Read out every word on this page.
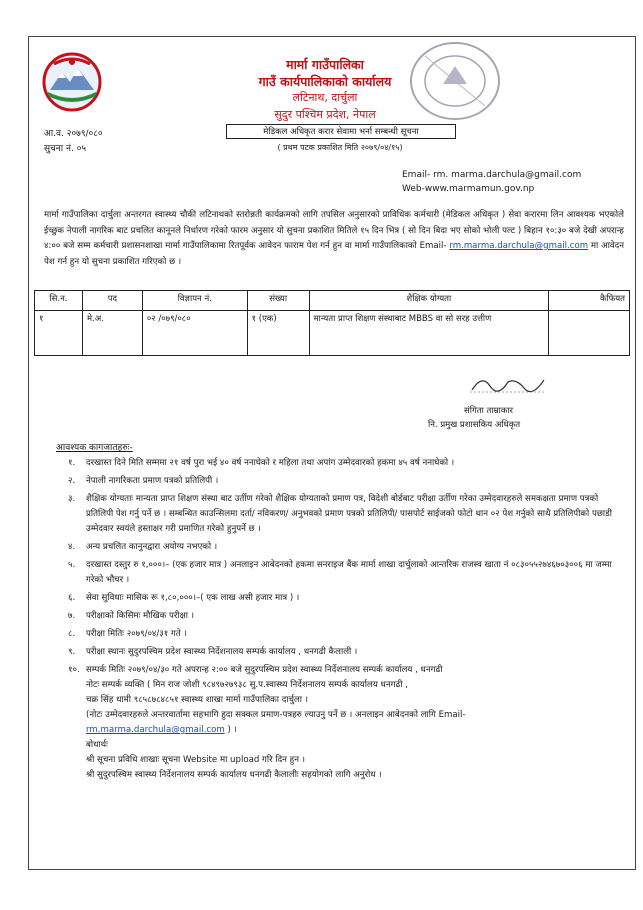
मार्मा गाउँपालिका
गाउँ कार्यपालिकाको कार्यालय
लटिनाथ, दार्चुला
सुदुर पश्चिम प्रदेश, नेपाल
आ.व. २०७९/०८०
सुचना नं. ०५
मेडिकल अधिकृत करार सेवामा भर्ना सम्बन्धी सूचना
( प्रथम पटक प्रकाशित मिति २०७९/०४/१५)
Email- rm. marma.darchula@gmail.com
Web-www.marmamun.gov.np
मार्मा गाउँपालिका दार्चुला अन्तरगत स्वास्थ्य चौकी लटिनाथको स्तरोन्नती कार्यक्रमको लागि तपसिल अनुसारको प्राविधिक कर्मचारी (मेडिकल अधिकृत ) सेवा करारमा लिन आवश्यक भएकोले ईच्छुक नेपाली नागरिक बाट प्रचलित कानूनले निर्धारण गरेको फारम अनुसार यो सुचना प्रकाशित मितिले १५ दिन भित्र ( सो दिन बिदा भए सोको भोली पल्ट ) बिहान १०:३० बजे देखी अपरान्ह ४:०० बजे सम्म कर्मचारी प्रशासनशाखा मार्मा गाउँपालिकामा रितपूर्वक आवेदन फाराम पेश गर्न हुन वा मार्मा गाउँपालिकाको Email- rm.marma.darchula@gmail.com मा आवेदन पेश गर्न हुन यो सुचना प्रकाशित गरिएको छ ।
सि.न.	पद	विज्ञापन नं.	संख्या	शैक्षिक योग्यता	कैफियत
१	मे.अ.	०२ /०७९/०८०	१ (एक)	मान्यता प्राप्त शिक्षण संस्थाबाट MBBS वा सो सरह उत्तीण	
संगिता ताम्राकार
नि. प्रमुख प्रशासकिय अधिकृत
आवश्यक कागजातहरुः-
१. दरखास्त दिने मिति सम्ममा २१ वर्ष पुरा भई ४० वर्ष ननाघेको र महिला तथा अपांग उम्मेदवारको हकमा ४५ वर्ष ननाघेको ।
२. नेपाली नागरिकता प्रमाण पत्रको प्रतिलिपी ।
३. शैक्षिक योग्यताः मान्यता प्राप्त शिक्षण संस्था बाट उर्तीण गरेको शैक्षिक योग्यताको प्रमाण पत्र, विदेशी बोर्डबाट परीक्षा उर्तीण गरेका उम्मेदवारहरुले समकक्षता प्रमाण पत्रको प्रतिलिपी पेश गर्नु पर्ने छ । सम्बन्धित काउन्सिलमा दर्ता/ नविकरण/ अनुभवको प्रमाण पत्रको प्रतिलिपी/ पासपोर्ट साईजको फोटो थान ०२ पेश गर्नुको साथै प्रतिलिपीको पछाडी उम्मेदवार स्वयंले हस्ताक्षर गरी प्रमाणित गरेको हुनुपर्ने छ ।
४. अन्य प्रचलित कानुनद्वारा अयोग्य नभएको ।
५. दरखास्त दस्तुर रु १,०००।– (एक हजार मात्र ) अनलाइन आबेदनको हकमा सनराइज बैंक मार्मा शाखा दार्चुलाको आन्तरिक राजस्व खाता नं ०८३०५५२७४६७०३००६ मा जम्मा गरेको भौचर ।
६. सेवा सुविधाः मासिक रू १,८०,०००।–( एक लाख असी हजार मात्र ) ।
७. परीक्षाको किसिमः मौखिक परीक्षा ।
८. परीक्षा मितिः २०७९/०४/३१ गते ।
९. परीक्षा स्थानः सुदुरपस्चिम प्रदेश स्वास्थ्य निर्देशनालय सम्पर्क कार्यालय , धनगढी कैलाली ।
१०. सम्पर्क मितिः २०७९/०४/३० गते अपरान्ह २:०० बजे सुदुरपस्चिम प्रदेश स्वास्थ्य निर्देशनालय सम्पर्क कार्यालय , धनगढी
नोटः सम्पर्क व्यक्ति ( मिन राज जोशी ९८४९७२७९३८ सु.प.स्वास्थ्य निर्देशनालय सम्पर्क कार्यालय धनगढी ,
चक्र सिंह धामी ९८५८७८४८५१ स्वास्थ्य शाखा मार्मा गाउँपालिका दार्चुला ।
(नोटः उम्मेदवारहरुले अन्तरवार्तामा सहभागि हुदा सक्कल प्रमाण-पत्रहरु ल्याउनु पर्ने छ । अनलाइन आबेदनको लागि Email-
rm.marma.darchula@gmail.com ) ।
बोधार्थः
श्री सूचना प्रविधि शाखाः सूचना Website मा upload गरि दिन हुन ।
श्री सुदुरपस्चिम स्वास्थ्य निर्देशनालय सम्पर्क कार्यालय धनगढी कैलालीः सहयोगको लागि अनुरोध ।
